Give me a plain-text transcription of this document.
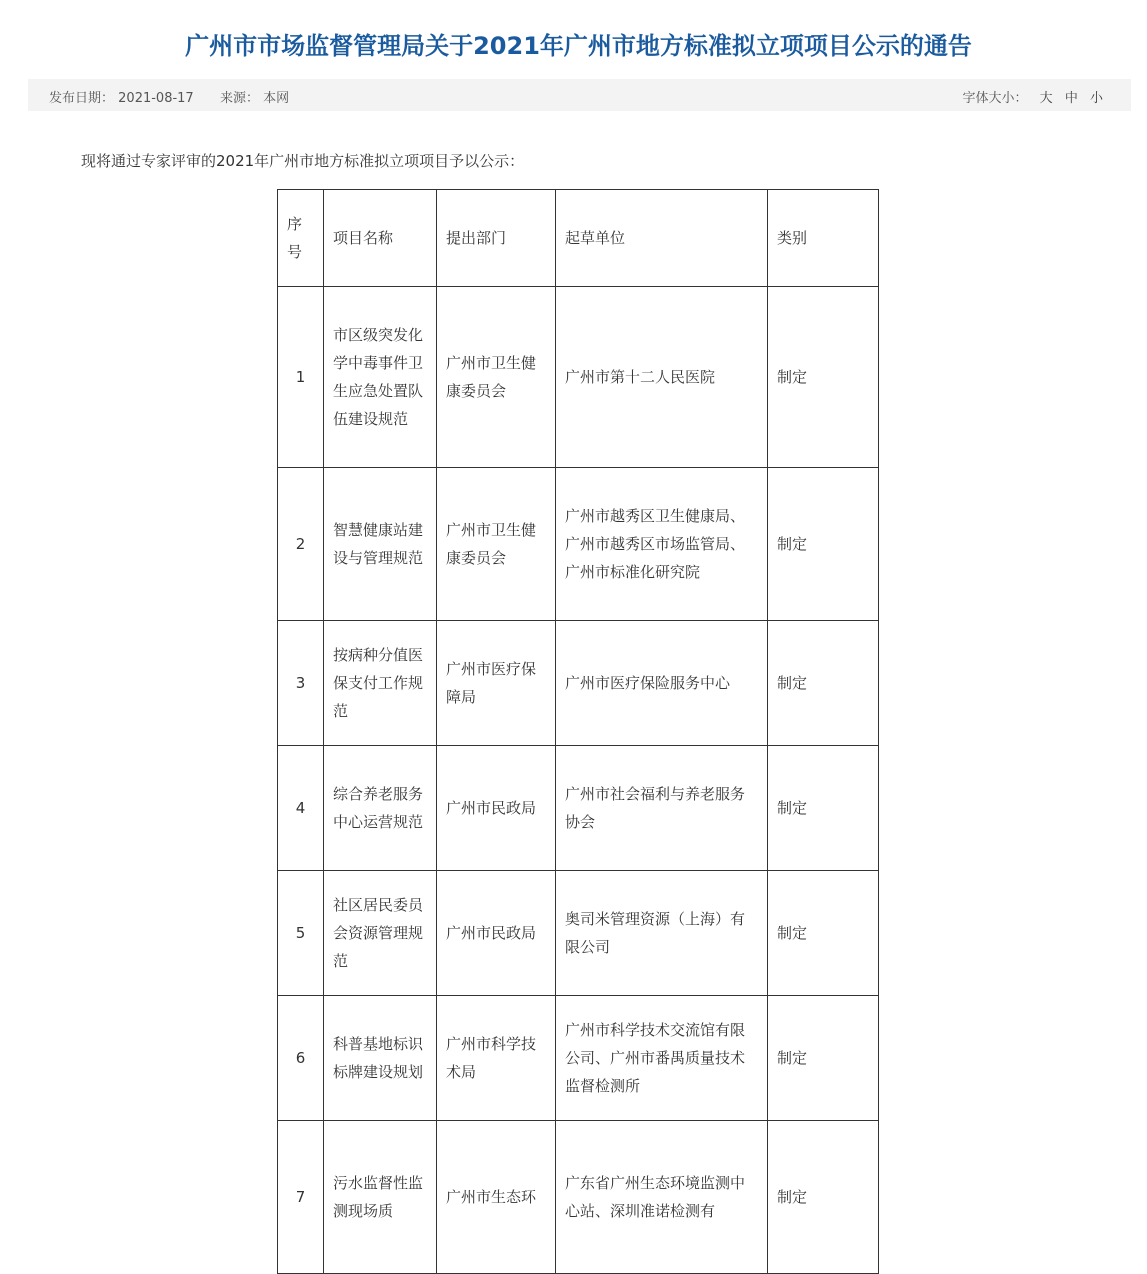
广州市市场监督管理局关于2021年广州市地方标准拟立项项目公示的通告
发布日期： 2021-08-17 来源： 本网	字体大小： 大 中 小
现将通过专家评审的2021年广州市地方标准拟立项项目予以公示：
序号	项目名称	提出部门	起草单位	类别
1	市区级突发化学中毒事件卫生应急处置队伍建设规范	广州市卫生健康委员会	广州市第十二人民医院	制定
2	智慧健康站建设与管理规范	广州市卫生健康委员会	广州市越秀区卫生健康局、广州市越秀区市场监管局、广州市标准化研究院	制定
3	按病种分值医保支付工作规范	广州市医疗保障局	广州市医疗保险服务中心	制定
4	综合养老服务中心运营规范	广州市民政局	广州市社会福利与养老服务协会	制定
5	社区居民委员会资源管理规范	广州市民政局	奥司米管理资源（上海）有限公司	制定
6	科普基地标识标牌建设规划	广州市科学技术局	广州市科学技术交流馆有限公司、广州市番禺质量技术监督检测所	制定
7	污水监督性监测现场质	广州市生态环	广东省广州生态环境监测中心站、深圳准诺检测有	制定
